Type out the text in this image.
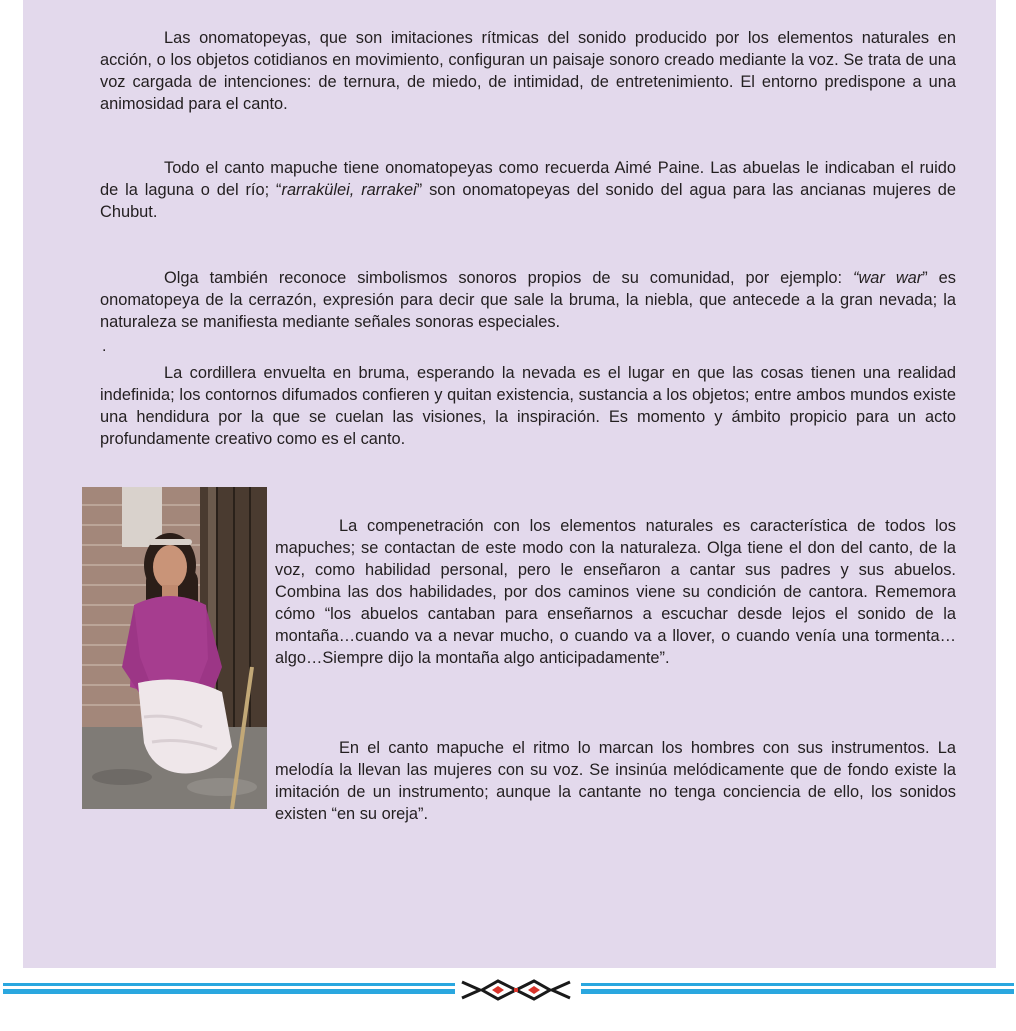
Las onomatopeyas, que son imitaciones rítmicas del sonido producido por los elementos naturales en acción, o los objetos cotidianos en movimiento, configuran un paisaje sonoro creado mediante la voz. Se trata de una voz cargada de intenciones: de ternura, de miedo, de intimidad, de entretenimiento. El entorno predispone a una animosidad para el canto.

Todo el canto mapuche tiene onomatopeyas como recuerda Aimé Paine. Las abuelas le indicaban el ruido de la laguna o del río; “rarrakülei, rarrakei” son onomatopeyas del sonido del agua para las ancianas mujeres de Chubut.

Olga también reconoce simbolismos sonoros propios de su comunidad, por ejemplo: “war war” es onomatopeya de la cerrazón, expresión para decir que sale la bruma, la niebla, que antecede a la gran nevada; la naturaleza se manifiesta mediante señales sonoras especiales.

.

La cordillera envuelta en bruma, esperando la nevada es el lugar en que las cosas tienen una realidad indefinida; los contornos difumados confieren y quitan existencia, sustancia a los objetos; entre ambos mundos existe una hendidura por la que se cuelan las visiones, la inspiración. Es momento y ámbito propicio para un acto profundamente creativo como es el canto.

La compenetración con los elementos naturales es característica de todos los mapuches; se contactan de este modo con la naturaleza. Olga tiene el don del canto, de la voz, como habilidad personal, pero le enseñaron a cantar sus padres y sus abuelos. Combina las dos habilidades, por dos caminos viene su condición de cantora. Rememora cómo “los abuelos cantaban para enseñarnos a escuchar desde lejos el sonido de la montaña…cuando va a nevar mucho, o cuando va a llover, o cuando venía una tormenta…algo…Siempre dijo la montaña algo anticipadamente”.

En el canto mapuche el ritmo lo marcan los hombres con sus instrumentos. La melodía la llevan las mujeres con su voz. Se insinúa melódicamente que de fondo existe la imitación de un instrumento; aunque la cantante no tenga conciencia de ello, los sonidos existen “en su oreja”.
